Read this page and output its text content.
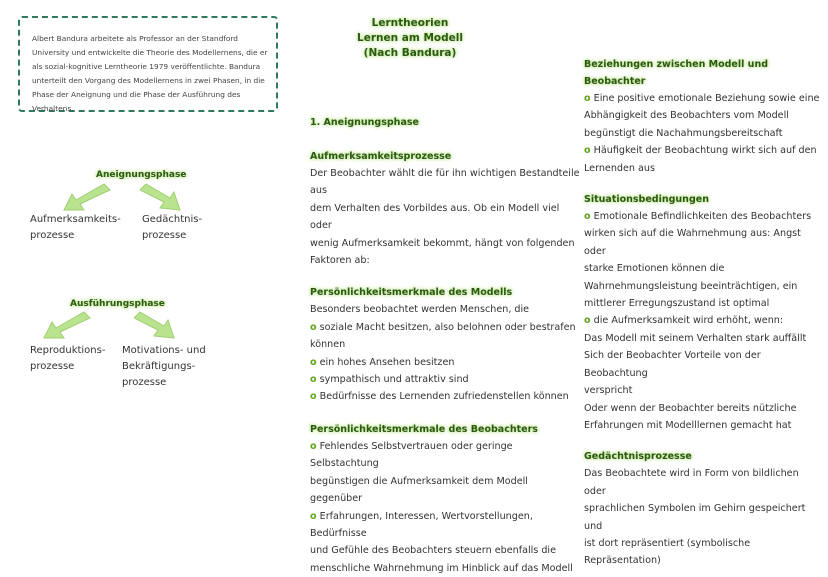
Albert Bandura arbeitete als Professor an der Standford University und entwickelte die Theorie des Modellernens, die er als sozial-kognitive Lerntheorie 1979 veröffentlichte. Bandura unterteilt den Vorgang des Modellernens in zwei Phasen, in die Phase der Aneignung und die Phase der Ausführung des Verhaltens.
Lerntheorien
Lernen am Modell
(Nach Bandura)
Aneignungsphase
Aufmerksamkeits-
prozesse
Gedächtnis-
prozesse
Ausführungsphase
Reproduktions-
prozesse
Motivations- und
Bekräftigungs-
prozesse
1. Aneignungsphase
Aufmerksamkeitsprozesse
Der Beobachter wählt die für ihn wichtigen Bestandteile aus
dem Verhalten des Vorbildes aus. Ob ein Modell viel oder
wenig Aufmerksamkeit bekommt, hängt von folgenden
Faktoren ab:
Persönlichkeitsmerkmale des Modells
Besonders beobachtet werden Menschen, die
o soziale Macht besitzen, also belohnen oder bestrafen können
o ein hohes Ansehen besitzen
o sympathisch und attraktiv sind
o Bedürfnisse des Lernenden zufriedenstellen können
Persönlichkeitsmerkmale des Beobachters
o Fehlendes Selbstvertrauen oder geringe Selbstachtung
begünstigen die Aufmerksamkeit dem Modell gegenüber
o Erfahrungen, Interessen, Wertvorstellungen, Bedürfnisse
und Gefühle des Beobachters steuern ebenfalls die
menschliche Wahrnehmung im Hinblick auf das Modell
Beziehungen zwischen Modell und Beobachter
o Eine positive emotionale Beziehung sowie eine
Abhängigkeit des Beobachters vom Modell
begünstigt die Nachahmungsbereitschaft
o Häufigkeit der Beobachtung wirkt sich auf den
Lernenden aus
Situationsbedingungen
o Emotionale Befindlichkeiten des Beobachters
wirken sich auf die Wahrnehmung aus: Angst oder
starke Emotionen können die
Wahrnehmungsleistung beeinträchtigen, ein
mittlerer Erregungszustand ist optimal
o die Aufmerksamkeit wird erhöht, wenn:
Das Modell mit seinem Verhalten stark auffällt
Sich der Beobachter Vorteile von der Beobachtung
verspricht
Oder wenn der Beobachter bereits nützliche
Erfahrungen mit Modelllernen gemacht hat
Gedächtnisprozesse
Das Beobachtete wird in Form von bildlichen oder
sprachlichen Symbolen im Gehirn gespeichert und
ist dort repräsentiert (symbolische Repräsentation)
